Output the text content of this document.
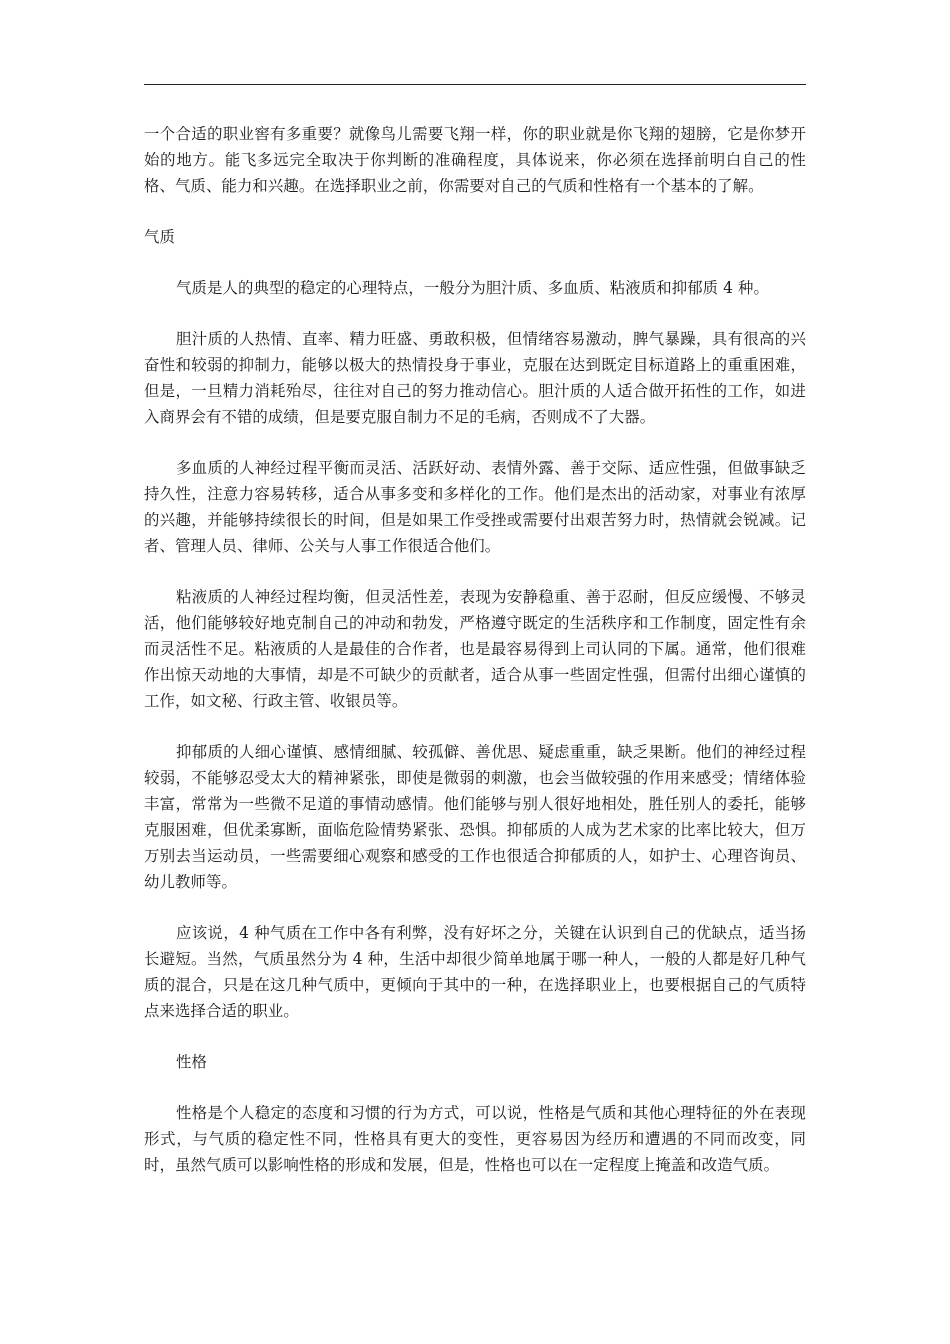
一个合适的职业窖有多重要？就像鸟儿需要飞翔一样，你的职业就是你飞翔的翅膀，它是你梦开始的地方。能飞多远完全取决于你判断的准确程度，具体说来，你必须在选择前明白自己的性格、气质、能力和兴趣。在选择职业之前，你需要对自己的气质和性格有一个基本的了解。

气质

气质是人的典型的稳定的心理特点，一般分为胆汁质、多血质、粘液质和抑郁质 4 种。

胆汁质的人热情、直率、精力旺盛、勇敢积极，但情绪容易激动，脾气暴躁，具有很高的兴奋性和较弱的抑制力，能够以极大的热情投身于事业，克服在达到既定目标道路上的重重困难，但是，一旦精力消耗殆尽，往往对自己的努力推动信心。胆汁质的人适合做开拓性的工作，如进入商界会有不错的成绩，但是要克服自制力不足的毛病，否则成不了大器。

多血质的人神经过程平衡而灵活、活跃好动、表情外露、善于交际、适应性强，但做事缺乏持久性，注意力容易转移，适合从事多变和多样化的工作。他们是杰出的活动家，对事业有浓厚的兴趣，并能够持续很长的时间，但是如果工作受挫或需要付出艰苦努力时，热情就会锐减。记者、管理人员、律师、公关与人事工作很适合他们。

粘液质的人神经过程均衡，但灵活性差，表现为安静稳重、善于忍耐，但反应缓慢、不够灵活，他们能够较好地克制自己的冲动和勃发，严格遵守既定的生活秩序和工作制度，固定性有余而灵活性不足。粘液质的人是最佳的合作者，也是最容易得到上司认同的下属。通常，他们很难作出惊天动地的大事情，却是不可缺少的贡献者，适合从事一些固定性强，但需付出细心谨慎的工作，如文秘、行政主管、收银员等。

抑郁质的人细心谨慎、感情细腻、较孤僻、善优思、疑虑重重，缺乏果断。他们的神经过程较弱，不能够忍受太大的精神紧张，即使是微弱的刺激，也会当做较强的作用来感受；情绪体验丰富，常常为一些微不足道的事情动感情。他们能够与别人很好地相处，胜任别人的委托，能够克服困难，但优柔寡断，面临危险情势紧张、恐惧。抑郁质的人成为艺术家的比率比较大，但万万别去当运动员，一些需要细心观察和感受的工作也很适合抑郁质的人，如护士、心理咨询员、幼儿教师等。

应该说，4 种气质在工作中各有利弊，没有好坏之分，关键在认识到自己的优缺点，适当扬长避短。当然，气质虽然分为 4 种，生活中却很少简单地属于哪一种人，一般的人都是好几种气质的混合，只是在这几种气质中，更倾向于其中的一种，在选择职业上，也要根据自己的气质特点来选择合适的职业。

性格

性格是个人稳定的态度和习惯的行为方式，可以说，性格是气质和其他心理特征的外在表现形式，与气质的稳定性不同，性格具有更大的变性，更容易因为经历和遭遇的不同而改变，同时，虽然气质可以影响性格的形成和发展，但是，性格也可以在一定程度上掩盖和改造气质。
